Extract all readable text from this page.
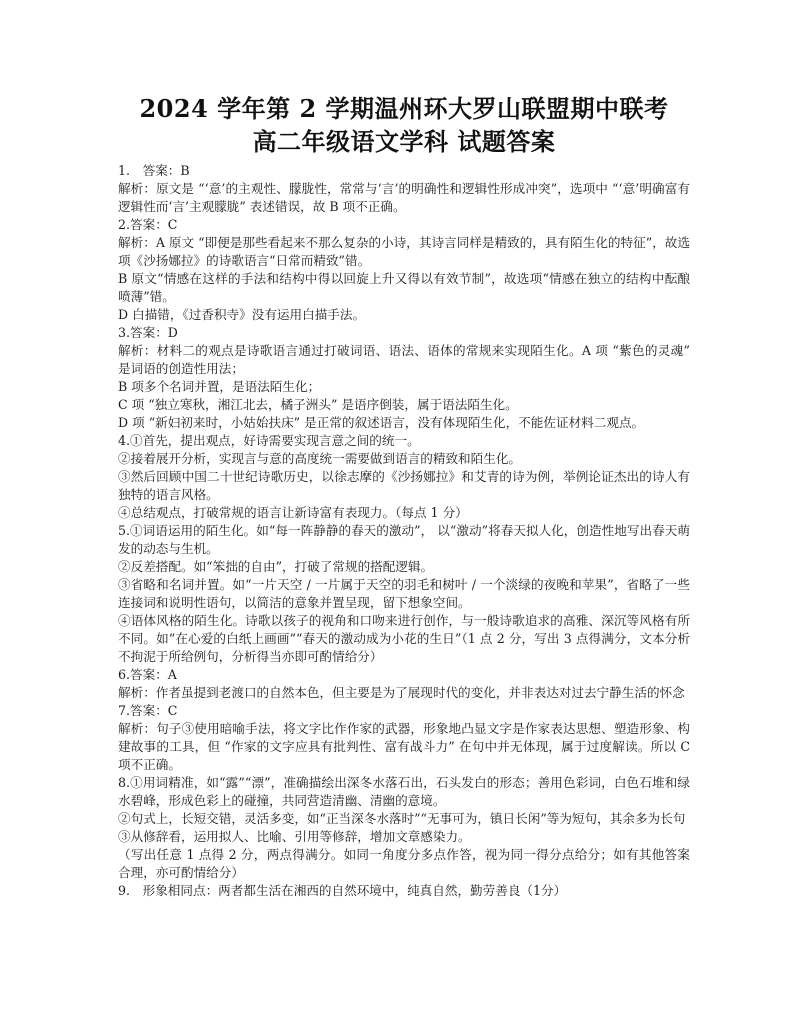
2024 学年第 2 学期温州环大罗山联盟期中联考
高二年级语文学科 试题答案

1.　答案：B

解析：原文是 “‘意’的主观性、朦胧性，常常与‘言’的明确性和逻辑性形成冲突”，选项中 “‘意’明确富有逻辑性而‘言’主观朦胧” 表述错误，故 B 项不正确。

2.答案：C

解析：A 原文 “即便是那些看起来不那么复杂的小诗，其诗言同样是精致的，具有陌生化的特征”，故选项《沙扬娜拉》的诗歌语言“日常而精致”错。

B 原文“情感在这样的手法和结构中得以回旋上升又得以有效节制”，故选项“情感在独立的结构中酝酿喷薄”错。

D 白描错，《过香积寺》没有运用白描手法。

3.答案：D

解析：材料二的观点是诗歌语言通过打破词语、语法、语体的常规来实现陌生化。A 项 “紫色的灵魂” 是词语的创造性用法；

B 项多个名词并置，是语法陌生化；

C 项 “独立寒秋，湘江北去，橘子洲头” 是语序倒装，属于语法陌生化。

D 项 “新妇初来时，小姑始扶床” 是正常的叙述语言，没有体现陌生化，不能佐证材料二观点。

4.①首先，提出观点，好诗需要实现言意之间的统一。

②接着展开分析，实现言与意的高度统一需要做到语言的精致和陌生化。

③然后回顾中国二十世纪诗歌历史，以徐志摩的《沙扬娜拉》和艾青的诗为例，举例论证杰出的诗人有独特的语言风格。

④总结观点，打破常规的语言让新诗富有表现力。（每点 1 分）

5.①词语运用的陌生化。如“每一阵静静的春天的激动”， 以“激动”将春天拟人化，创造性地写出春天萌发的动态与生机。

②反差搭配。如“笨拙的自由”，打破了常规的搭配逻辑。

③省略和名词并置。如“一片天空 / 一片属于天空的羽毛和树叶 / 一个淡绿的夜晚和苹果”，省略了一些连接词和说明性语句，以简洁的意象并置呈现，留下想象空间。

④语体风格的陌生化。诗歌以孩子的视角和口吻来进行创作，与一般诗歌追求的高雅、深沉等风格有所不同。如“在心爱的白纸上画画”“春天的激动成为小花的生日”（1 点 2 分，写出 3 点得满分，文本分析不拘泥于所给例句，分析得当亦即可酌情给分）

6.答案：A

解析：作者虽提到老渡口的自然本色，但主要是为了展现时代的变化，并非表达对过去宁静生活的怀念

7.答案：C

解析：句子③使用暗喻手法，将文字比作作家的武器，形象地凸显文字是作家表达思想、塑造形象、构建故事的工具，但 “作家的文字应具有批判性、富有战斗力” 在句中并无体现，属于过度解读。所以 C 项不正确。

8.①用词精准，如“露”“漂”，准确描绘出深冬水落石出，石头发白的形态；善用色彩词，白色石堆和绿水碧峰，形成色彩上的碰撞，共同营造清幽、清幽的意境。

②句式上，长短交错，灵活多变，如“正当深冬水落时”“无事可为，镇日长闲”等为短句，其余多为长句

③从修辞看，运用拟人、比喻、引用等修辞，增加文章感染力。

（写出任意 1 点得 2 分，两点得满分。如同一角度分多点作答，视为同一得分点给分；如有其他答案合理，亦可酌情给分）

9.　形象相同点：两者都生活在湘西的自然环境中，纯真自然，勤劳善良（1分）
